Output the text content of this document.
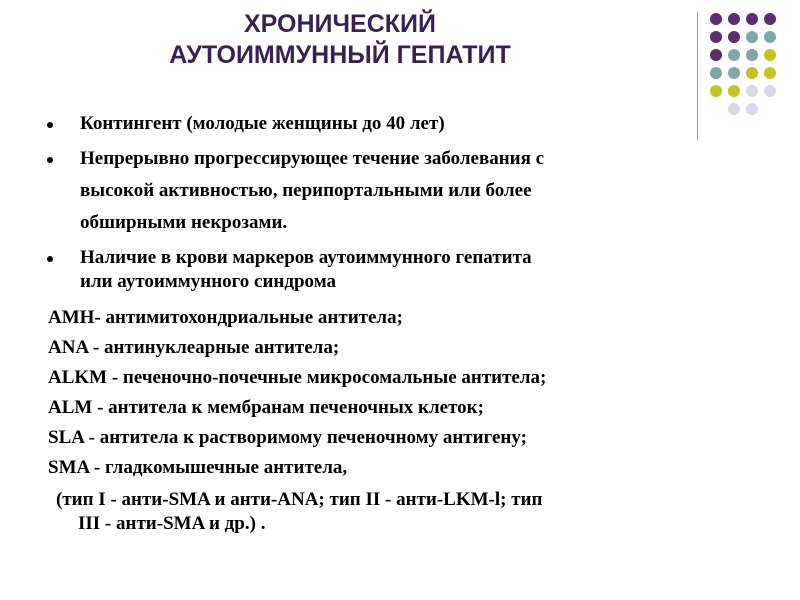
ХРОНИЧЕСКИЙ
АУТОИММУННЫЙ ГЕПАТИТ
Контингент (молодые женщины до 40 лет)
Непрерывно прогрессирующее течение заболевания с
высокой активностью, перипортальными или более
обширными некрозами.
Наличие в крови маркеров аутоиммунного гепатита
или аутоиммунного синдрома
АМН- антимитохондриальные антитела;
ANA - антинуклеарные антитела;
ALKM - печеночно-почечные микросомальные антитела;
ALM - антитела к мембранам печеночных клеток;
SLA - антитела к растворимому печеночному антигену;
SMA - гладкомышечные антитела,
(тип I - анти-SMA и анти-ANA; тип II - анти-LKM-l; тип
III - анти-SMA и др.) .
